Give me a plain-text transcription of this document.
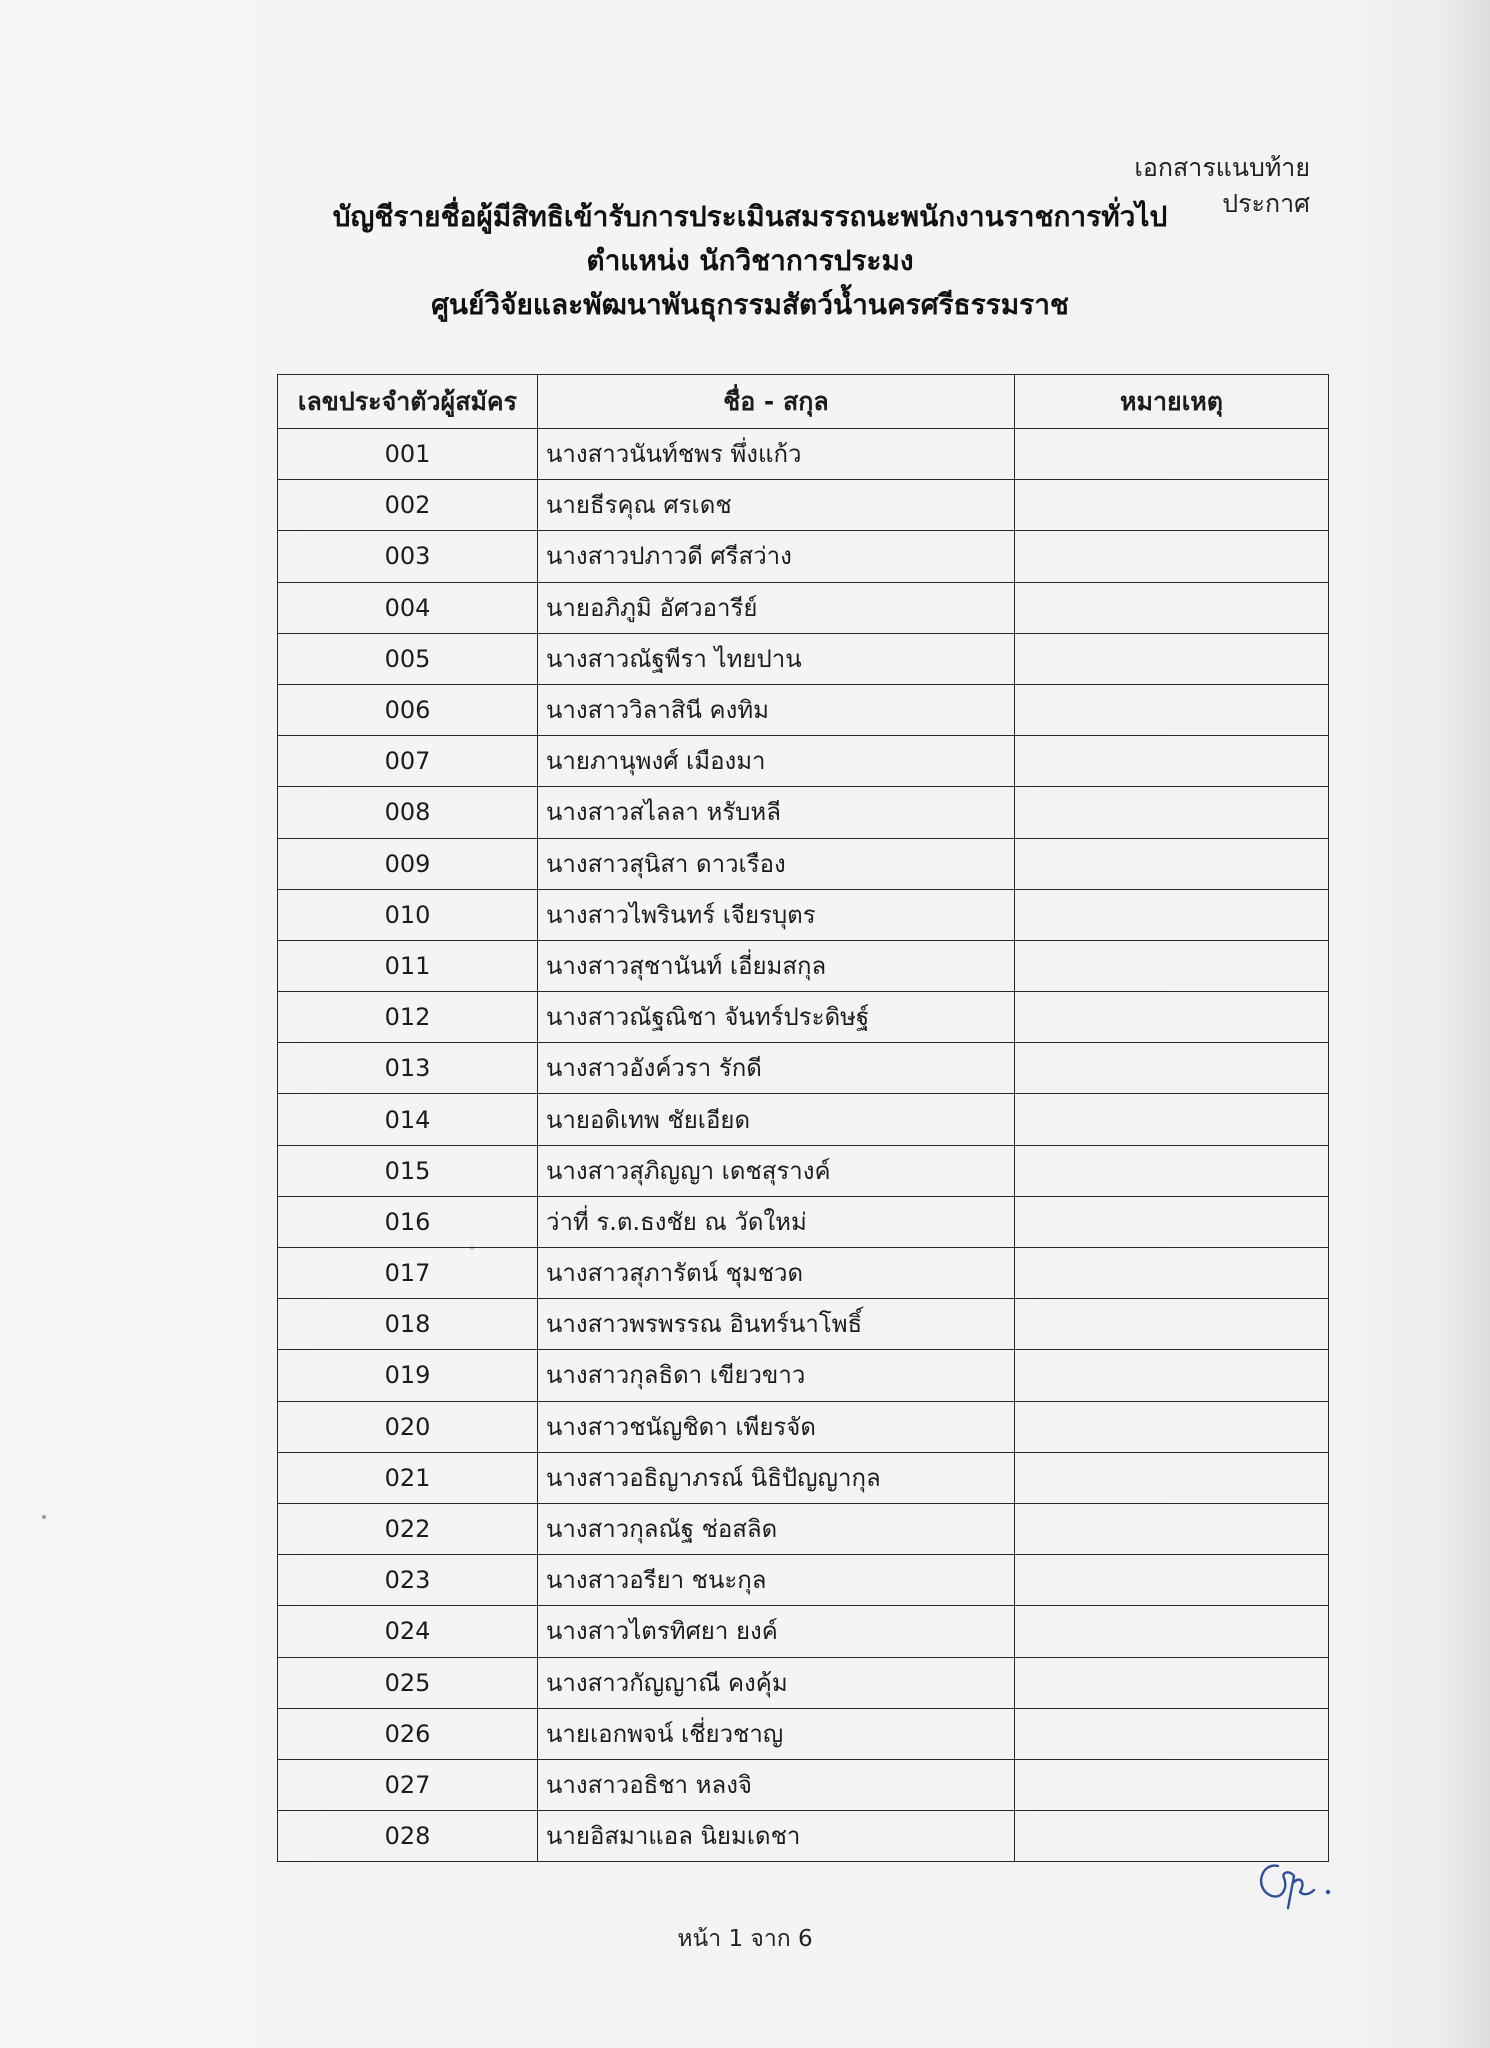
เอกสารแนบท้ายประกาศ
บัญชีรายชื่อผู้มีสิทธิเข้ารับการประเมินสมรรถนะพนักงานราชการทั่วไป
ตำแหน่ง นักวิชาการประมง
ศูนย์วิจัยและพัฒนาพันธุกรรมสัตว์น้ำนครศรีธรรมราช
เลขประจำตัวผู้สมัคร	ชื่อ - สกุล	หมายเหตุ
001	นางสาวนันท์ชพร พึ่งแก้ว	
002	นายธีรคุณ ศรเดช	
003	นางสาวปภาวดี ศรีสว่าง	
004	นายอภิภูมิ อัศวอารีย์	
005	นางสาวณัฐพีรา ไทยปาน	
006	นางสาววิลาสินี คงทิม	
007	นายภานุพงศ์ เมืองมา	
008	นางสาวสไลลา หรับหลี	
009	นางสาวสุนิสา ดาวเรือง	
010	นางสาวไพรินทร์ เจียรบุตร	
011	นางสาวสุชานันท์ เอี่ยมสกุล	
012	นางสาวณัฐณิชา จันทร์ประดิษฐ์	
013	นางสาวอังค์วรา รักดี	
014	นายอดิเทพ ชัยเอียด	
015	นางสาวสุภิญญา เดชสุรางค์	
016	ว่าที่ ร.ต.ธงชัย ณ วัดใหม่	
017	นางสาวสุภารัตน์ ชุมชวด	
018	นางสาวพรพรรณ อินทร์นาโพธิ์	
019	นางสาวกุลธิดา เขียวขาว	
020	นางสาวชนัญชิดา เพียรจัด	
021	นางสาวอธิญาภรณ์ นิธิปัญญากุล	
022	นางสาวกุลณัฐ ช่อสลิด	
023	นางสาวอรียา ชนะกุล	
024	นางสาวไตรทิศยา ยงค์	
025	นางสาวกัญญาณี คงคุ้ม	
026	นายเอกพจน์ เชี่ยวชาญ	
027	นางสาวอธิชา หลงจิ	
028	นายอิสมาแอล นิยมเดชา	
หน้า 1 จาก 6
